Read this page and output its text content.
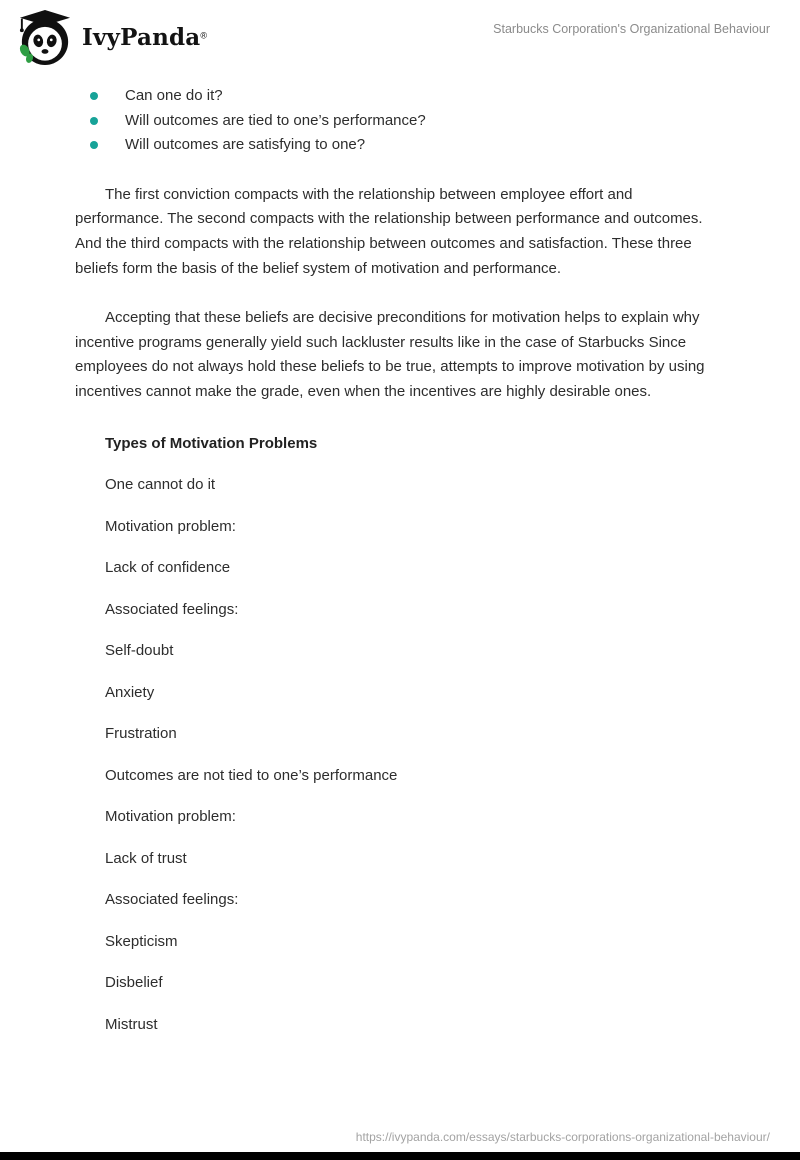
IvyPanda®	Starbucks Corporation's Organizational Behaviour
Can one do it?
Will outcomes are tied to one’s performance?
Will outcomes are satisfying to one?

The first conviction compacts with the relationship between employee effort and performance. The second compacts with the relationship between performance and outcomes. And the third compacts with the relationship between outcomes and satisfaction. These three beliefs form the basis of the belief system of motivation and performance.

Accepting that these beliefs are decisive preconditions for motivation helps to explain why incentive programs generally yield such lackluster results like in the case of Starbucks Since employees do not always hold these beliefs to be true, attempts to improve motivation by using incentives cannot make the grade, even when the incentives are highly desirable ones.

Types of Motivation Problems

One cannot do it

Motivation problem:

Lack of confidence

Associated feelings:

Self-doubt

Anxiety

Frustration

Outcomes are not tied to one’s performance

Motivation problem:

Lack of trust

Associated feelings:

Skepticism

Disbelief

Mistrust

https://ivypanda.com/essays/starbucks-corporations-organizational-behaviour/
